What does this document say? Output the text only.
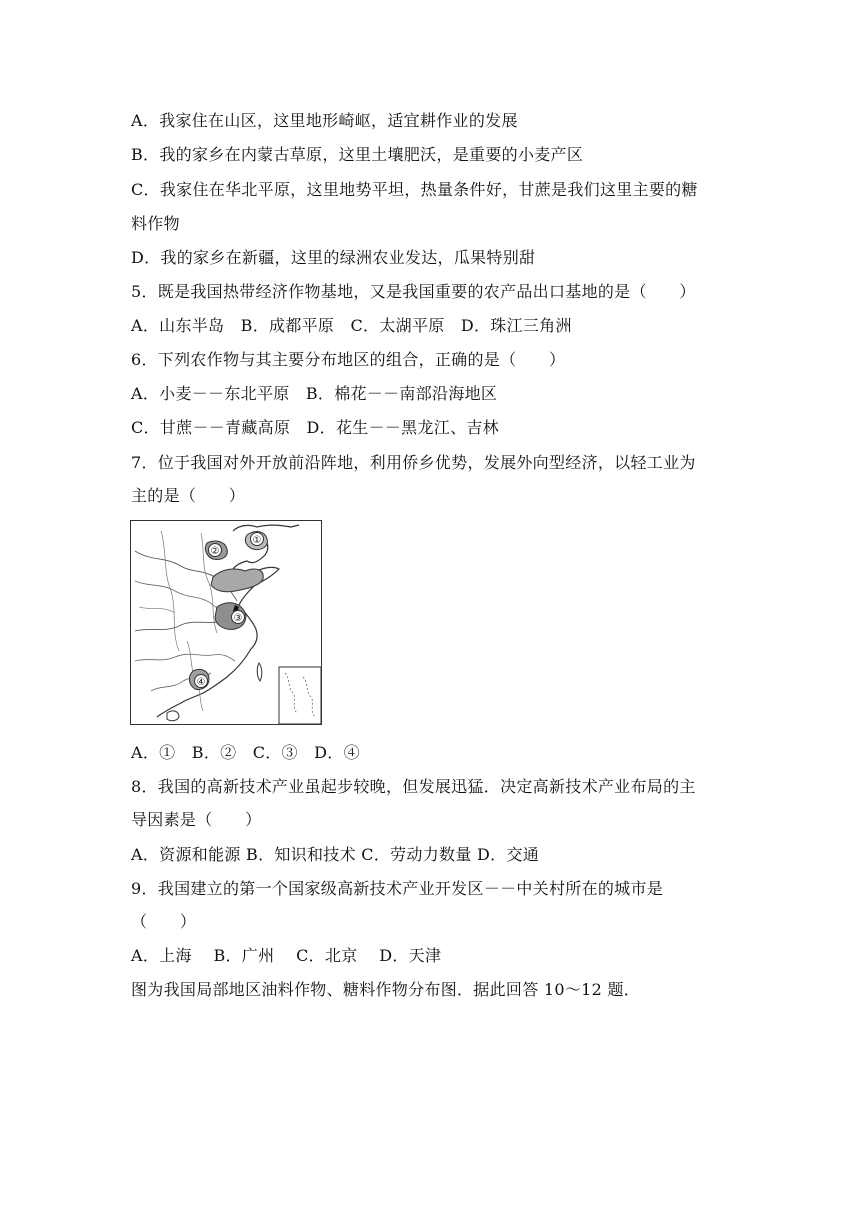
A．我家住在山区，这里地形崎岖，适宜耕作业的发展
B．我的家乡在内蒙古草原，这里土壤肥沃，是重要的小麦产区
C．我家住在华北平原，这里地势平坦，热量条件好，甘蔗是我们这里主要的糖
料作物
D．我的家乡在新疆，这里的绿洲农业发达，瓜果特别甜
5．既是我国热带经济作物基地，又是我国重要的农产品出口基地的是（　　）
A．山东半岛　B．成都平原　C．太湖平原　D．珠江三角洲
6．下列农作物与其主要分布地区的组合，正确的是（　　）
A．小麦－－东北平原　B．棉花－－南部沿海地区
C．甘蔗－－青藏高原　D．花生－－黑龙江、吉林
7．位于我国对外开放前沿阵地，利用侨乡优势，发展外向型经济，以轻工业为
主的是（　　）
①
②
③
④
A．①　B．②　C．③　D．④
8．我国的高新技术产业虽起步较晚，但发展迅猛．决定高新技术产业布局的主
导因素是（　　）
A．资源和能源 B．知识和技术 C．劳动力数量 D．交通
9．我国建立的第一个国家级高新技术产业开发区－－中关村所在的城市是
（　　）
A．上海　 B．广州　 C．北京　 D．天津
图为我国局部地区油料作物、糖料作物分布图．据此回答 10～12 题．
